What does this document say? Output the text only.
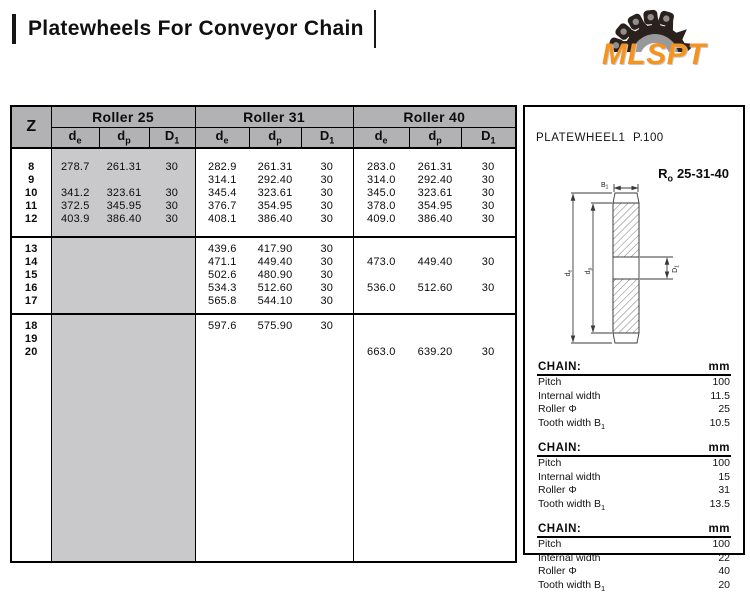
Platewheels For Conveyor Chain
MLSPT
Z	Roller 25			Roller 31			Roller 40		
	$d_e$	$d_p$	$D_1$	$d_e$	$d_p$	$D_1$	$d_e$	$d_p$	$D_1$
8	278.7	261.31	30	282.9	261.31	30	283.0	261.31	30
9				314.1	292.40	30	314.0	292.40	30
10	341.2	323.61	30	345.4	323.61	30	345.0	323.61	30
11	372.5	345.95	30	376.7	354.95	30	378.0	354.95	30
12	403.9	386.40	30	408.1	386.40	30	409.0	386.40	30
13				439.6	417.90	30			
14				471.1	449.40	30	473.0	449.40	30
15				502.6	480.90	30			
16				534.3	512.60	30	536.0	512.60	30
17				565.8	544.10	30			
18				597.6	575.90	30			
19									
20							663.0	639.20	30

PLATEWHEEL1 P.100
$R_o$ 25-31-40
$B_1$
$d_e$ $d_p$	$D_1$
CHAIN:	mm
Pitch	100
Internal width	11.5
Roller Φ	25
Tooth width $B_1$	10.5
CHAIN:	mm
Pitch	100
Internal width	15
Roller Φ	31
Tooth width $B_1$	13.5
CHAIN:	mm
Pitch	100
Internal width	22
Roller Φ	40
Tooth width $B_1$	20
